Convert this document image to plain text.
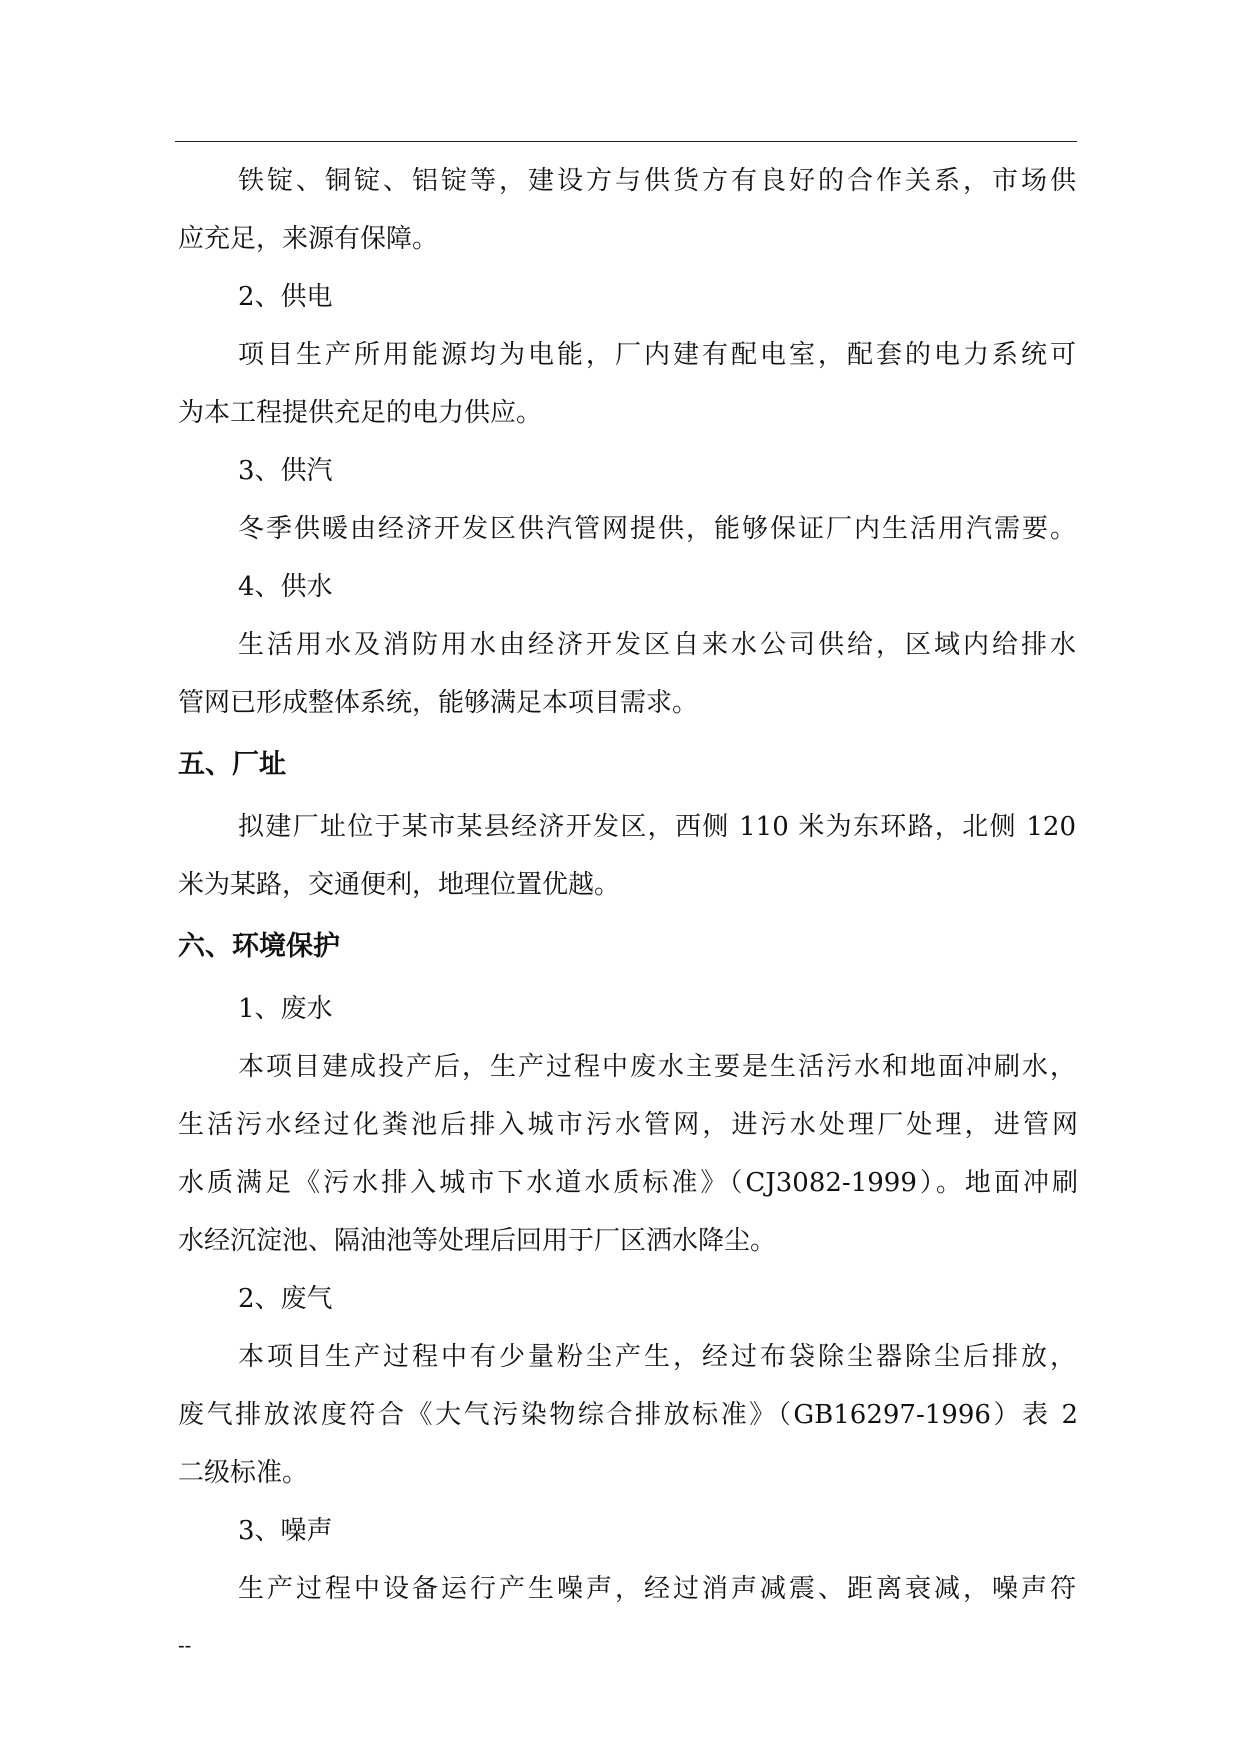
铁锭、铜锭、铝锭等，建设方与供货方有良好的合作关系，市场供
应充足，来源有保障。
2、供电
项目生产所用能源均为电能，厂内建有配电室，配套的电力系统可
为本工程提供充足的电力供应。
3、供汽
冬季供暖由经济开发区供汽管网提供，能够保证厂内生活用汽需要。
4、供水
生活用水及消防用水由经济开发区自来水公司供给，区域内给排水
管网已形成整体系统，能够满足本项目需求。
五、厂址
拟建厂址位于某市某县经济开发区，西侧 110 米为东环路，北侧 120
米为某路，交通便利，地理位置优越。
六、环境保护
1、废水
本项目建成投产后，生产过程中废水主要是生活污水和地面冲刷水，
生活污水经过化粪池后排入城市污水管网，进污水处理厂处理，进管网
水质满足《污水排入城市下水道水质标准》（CJ3082-1999）。地面冲刷
水经沉淀池、隔油池等处理后回用于厂区洒水降尘。
2、废气
本项目生产过程中有少量粉尘产生，经过布袋除尘器除尘后排放，
废气排放浓度符合《大气污染物综合排放标准》（GB16297-1996）表 2
二级标准。
3、噪声
生产过程中设备运行产生噪声，经过消声减震、距离衰减，噪声符
--
